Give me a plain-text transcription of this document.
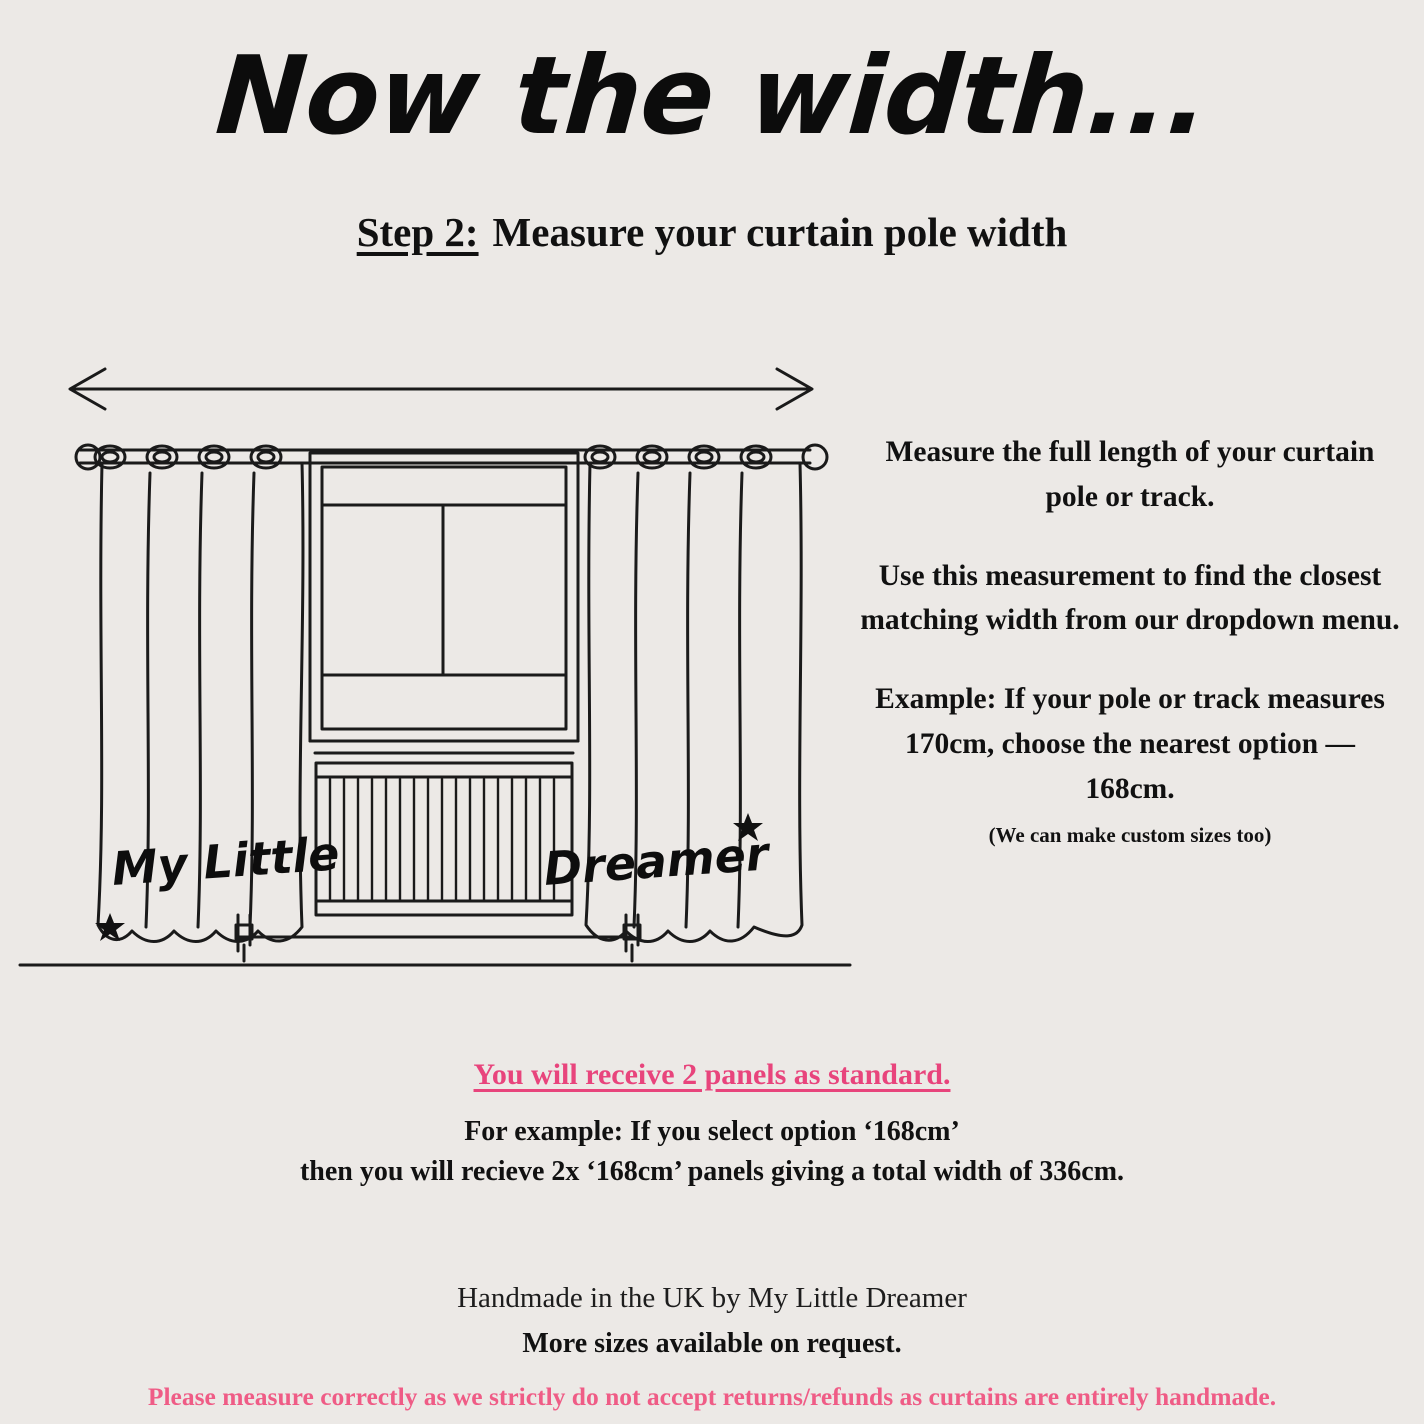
Now the width...
Step 2: Measure your curtain pole width
My Little	Dreamer

Measure the full length of your curtain pole or track.

Use this measurement to find the closest matching width from our dropdown menu.

Example: If your pole or track measures 170cm, choose the nearest option — 168cm.

(We can make custom sizes too)

You will receive 2 panels as standard.
For example: If you select option ‘168cm’
then you will recieve 2x ‘168cm’ panels giving a total width of 336cm.
Handmade in the UK by My Little Dreamer
More sizes available on request.
Please measure correctly as we strictly do not accept returns/refunds as curtains are entirely handmade.
